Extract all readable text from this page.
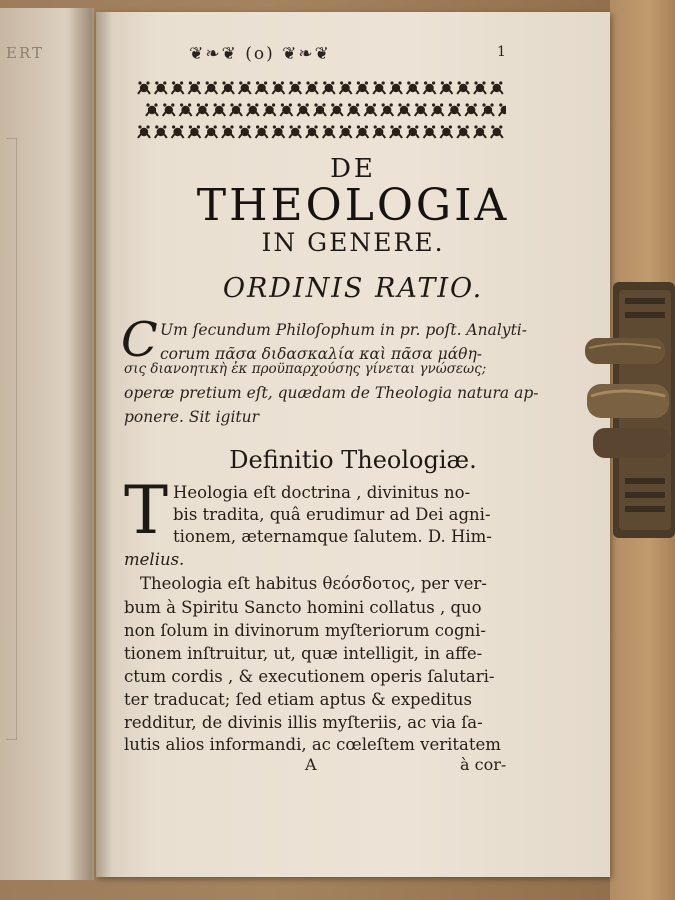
ERT	❦❧❦ (o) ❦❧❦	1
DE
THEOLOGIA
IN GENERE.
ORDINIS RATIO.
C Um ſecundum Philoſophum in pr. poſt. Analyti-
corum πᾶσα διδασκαλία καὶ πᾶσα μάθη-
σις διανοητικὴ ἐκ προϋπαρχούσης γίνεται γνώσεως;
operæ pretium eſt, quædam de Theologia natura ap-
ponere. Sit igitur
Definitio Theologiæ.
T Heologia eſt doctrina , divinitus no-
bis tradita, quâ erudimur ad Dei agni-
tionem, æternamque ſalutem. D. Him-
melius.
Theologia eſt habitus θεόσδοτος, per ver-
bum à Spiritu Sancto homini collatus , quo
non ſolum in divinorum myſteriorum cogni-
tionem inſtruitur, ut, quæ intelligit, in affe-
ctum cordis , & executionem operis ſalutari-
ter traducat; ſed etiam aptus & expeditus
redditur, de divinis illis myſteriis, ac via ſa-
lutis alios informandi, ac cœleſtem veritatem
A	à cor-
